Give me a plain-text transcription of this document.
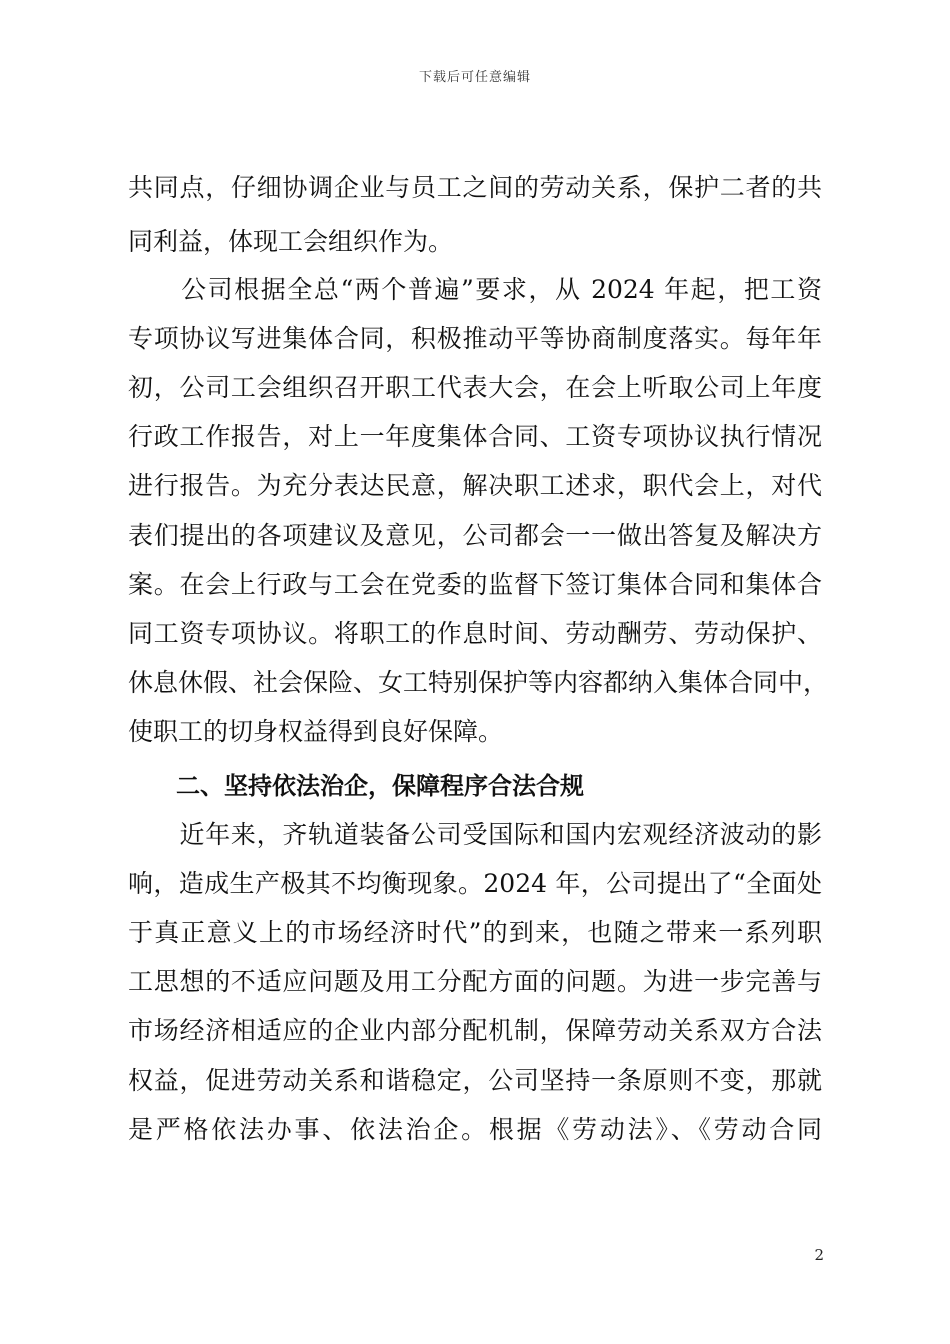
下载后可任意编辑
共同点，仔细协调企业与员工之间的劳动关系，保护二者的共
同利益，体现工会组织作为。
　　公司根据全总“两个普遍”要求，从 2024 年起，把工资
专项协议写进集体合同，积极推动平等协商制度落实。每年年
初，公司工会组织召开职工代表大会，在会上听取公司上年度
行政工作报告，对上一年度集体合同、工资专项协议执行情况
进行报告。为充分表达民意，解决职工述求，职代会上，对代
表们提出的各项建议及意见，公司都会一一做出答复及解决方
案。在会上行政与工会在党委的监督下签订集体合同和集体合
同工资专项协议。将职工的作息时间、劳动酬劳、劳动保护、
休息休假、社会保险、女工特别保护等内容都纳入集体合同中，
使职工的切身权益得到良好保障。
　　二、坚持依法治企，保障程序合法合规
　　近年来，齐轨道装备公司受国际和国内宏观经济波动的影
响，造成生产极其不均衡现象。2024 年，公司提出了“全面处
于真正意义上的市场经济时代”的到来，也随之带来一系列职
工思想的不适应问题及用工分配方面的问题。为进一步完善与
市场经济相适应的企业内部分配机制，保障劳动关系双方合法
权益，促进劳动关系和谐稳定，公司坚持一条原则不变，那就
是严格依法办事、依法治企。根据《劳动法》、《劳动合同
2
